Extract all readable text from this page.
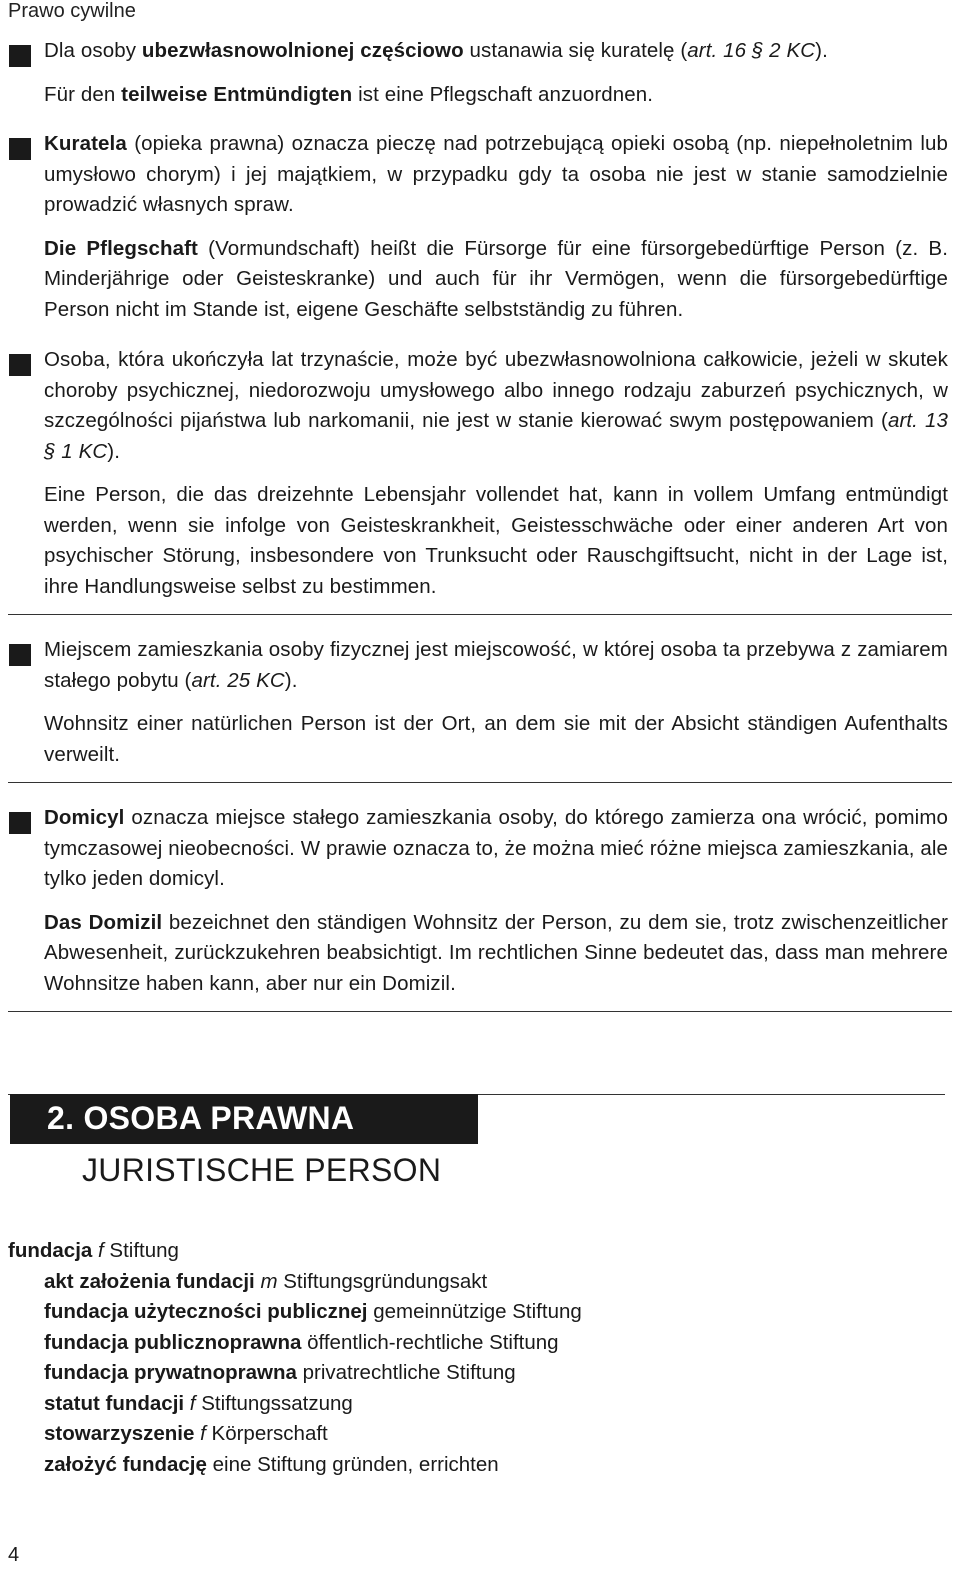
Prawo cywilne

Dla osoby ubezwłasnowolnionej częściowo ustanawia się kuratelę (art. 16 § 2 KC).

Für den teilweise Entmündigten ist eine Pflegschaft anzuordnen.

Kuratela (opieka prawna) oznacza pieczę nad potrzebującą opieki osobą (np. niepełnoletnim lub umysłowo chorym) i jej majątkiem, w przypadku gdy ta osoba nie jest w stanie samodzielnie prowadzić własnych spraw.

Die Pflegschaft (Vormundschaft) heißt die Fürsorge für eine fürsorgebedürftige Person (z. B. Minderjährige oder Geisteskranke) und auch für ihr Vermögen, wenn die fürsorgebedürftige Person nicht im Stande ist, eigene Geschäfte selbstständig zu führen.

Osoba, która ukończyła lat trzynaście, może być ubezwłasnowolniona całkowicie, jeżeli w skutek choroby psychicznej, niedorozwoju umysłowego albo innego rodzaju zaburzeń psychicznych, w szczególności pijaństwa lub narkomanii, nie jest w stanie kierować swym postępowaniem (art. 13 § 1 KC).

Eine Person, die das dreizehnte Lebensjahr vollendet hat, kann in vollem Umfang entmündigt werden, wenn sie infolge von Geisteskrankheit, Geistesschwäche oder einer anderen Art von psychischer Störung, insbesondere von Trunksucht oder Rauschgiftsucht, nicht in der Lage ist, ihre Handlungsweise selbst zu bestimmen.

Miejscem zamieszkania osoby fizycznej jest miejscowość, w której osoba ta przebywa z zamiarem stałego pobytu (art. 25 KC).

Wohnsitz einer natürlichen Person ist der Ort, an dem sie mit der Absicht ständigen Aufenthalts verweilt.

Domicyl oznacza miejsce stałego zamieszkania osoby, do którego zamierza ona wrócić, pomimo tymczasowej nieobecności. W prawie oznacza to, że można mieć różne miejsca zamieszkania, ale tylko jeden domicyl.

Das Domizil bezeichnet den ständigen Wohnsitz der Person, zu dem sie, trotz zwischenzeitlicher Abwesenheit, zurückzukehren beabsichtigt. Im rechtlichen Sinne bedeutet das, dass man mehrere Wohnsitze haben kann, aber nur ein Domizil.

2. OSOBA PRAWNA
JURISTISCHE PERSON
fundacja f Stiftung
akt założenia fundacji m Stiftungsgründungsakt
fundacja użyteczności publicznej gemeinnützige Stiftung
fundacja publicznoprawna öffentlich-rechtliche Stiftung
fundacja prywatnoprawna privatrechtliche Stiftung
statut fundacji f Stiftungssatzung
stowarzyszenie f Körperschaft
założyć fundację eine Stiftung gründen, errichten
4
